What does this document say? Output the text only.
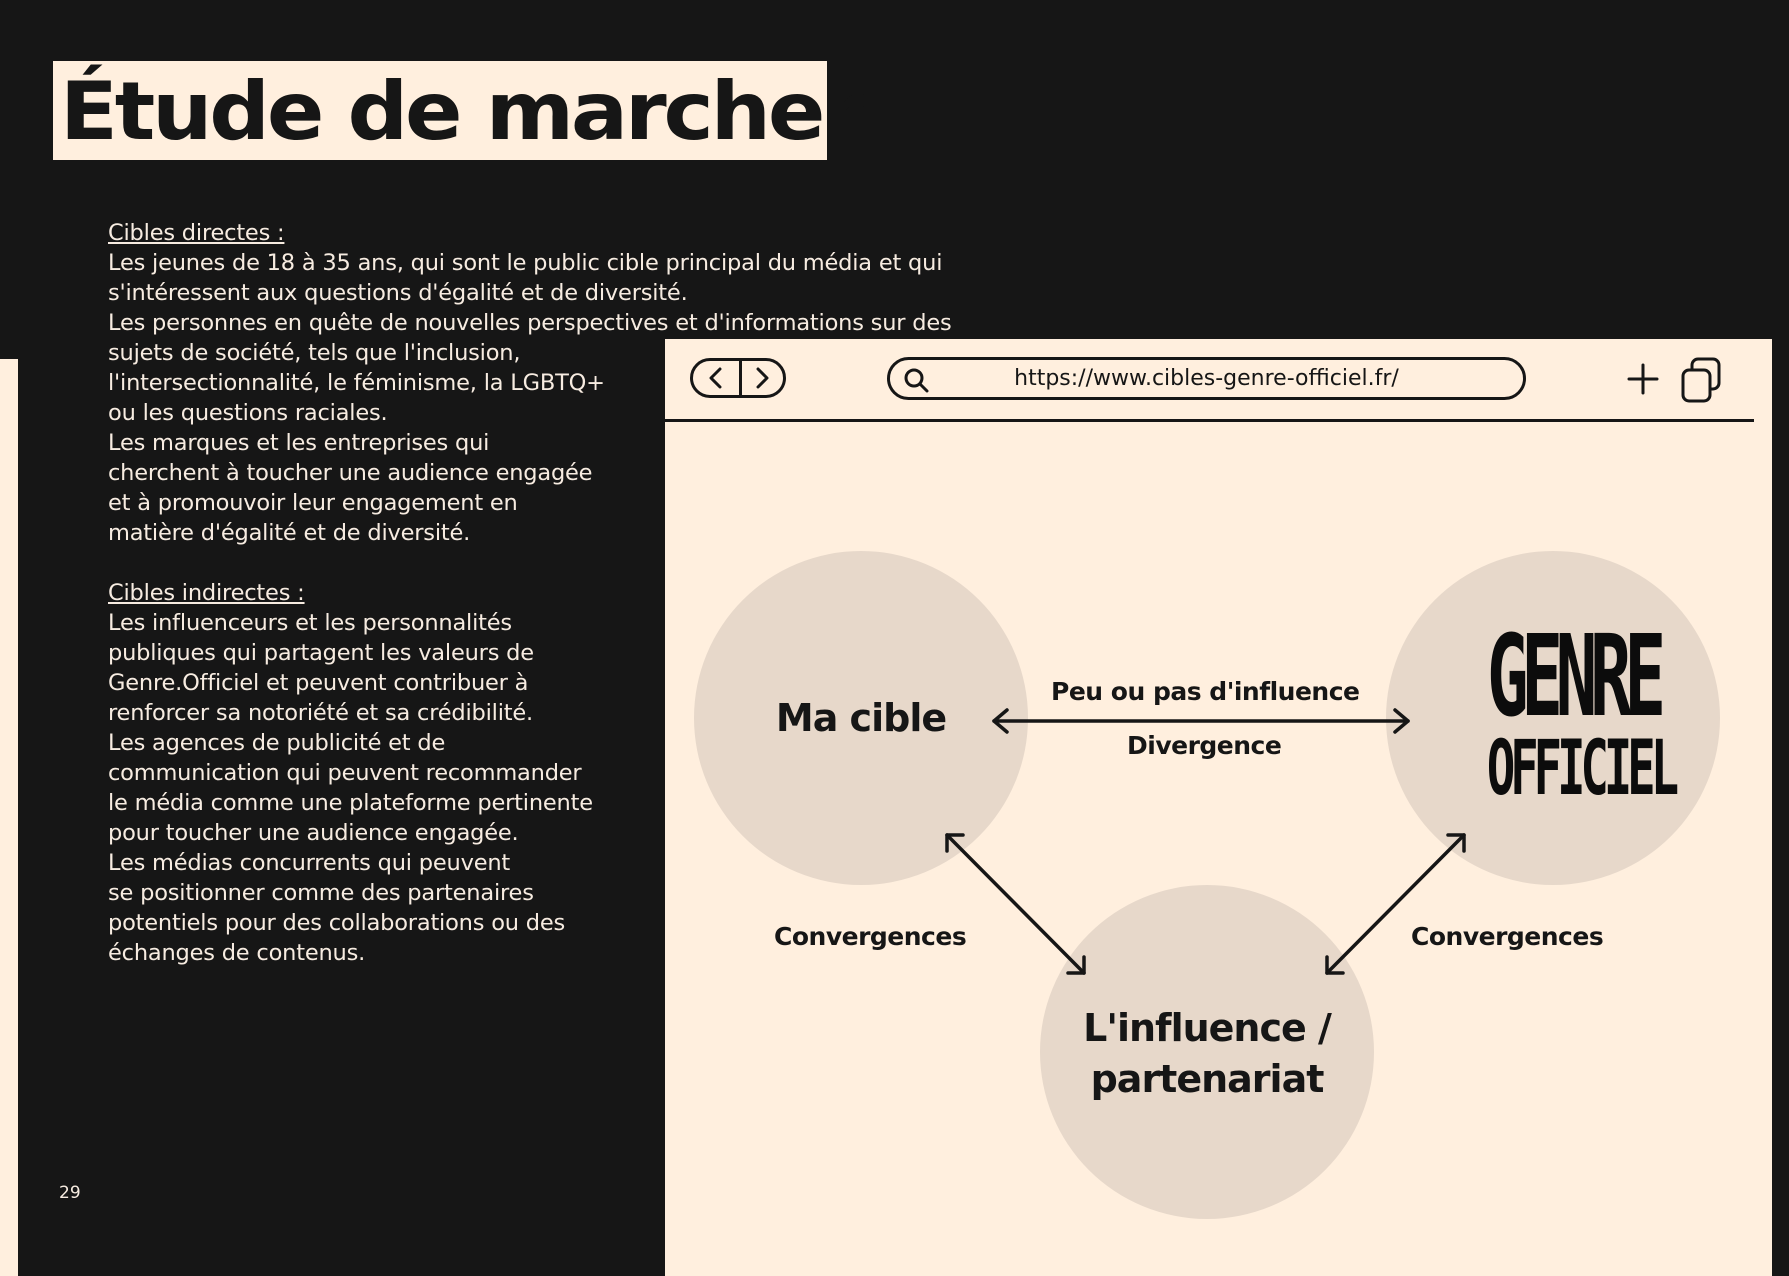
Étude de marcher

Cibles directes :

Les jeunes de 18 à 35 ans, qui sont le public cible principal du média et qui
s'intéressent aux questions d'égalité et de diversité.
Les personnes en quête de nouvelles perspectives et d'informations sur des
sujets de société, tels que l'inclusion,
l'intersectionnalité, le féminisme, la LGBTQ+
ou les questions raciales.
Les marques et les entreprises qui
cherchent à toucher une audience engagée
et à promouvoir leur engagement en
matière d'égalité et de diversité.

Cibles indirectes :

Les influenceurs et les personnalités
publiques qui partagent les valeurs de
Genre.Officiel et peuvent contribuer à
renforcer sa notoriété et sa crédibilité.
Les agences de publicité et de
communication qui peuvent recommander
le média comme une plateforme pertinente
pour toucher une audience engagée.
Les médias concurrents qui peuvent
se positionner comme des partenaires
potentiels pour des collaborations ou des
échanges de contenus.

29
https://www.cibles-genre-officiel.fr/
Ma cible	GENRE
OFFICIEL
L'influence /
partenariat
Peu ou pas d'influence
Divergence
Convergences	Convergences
